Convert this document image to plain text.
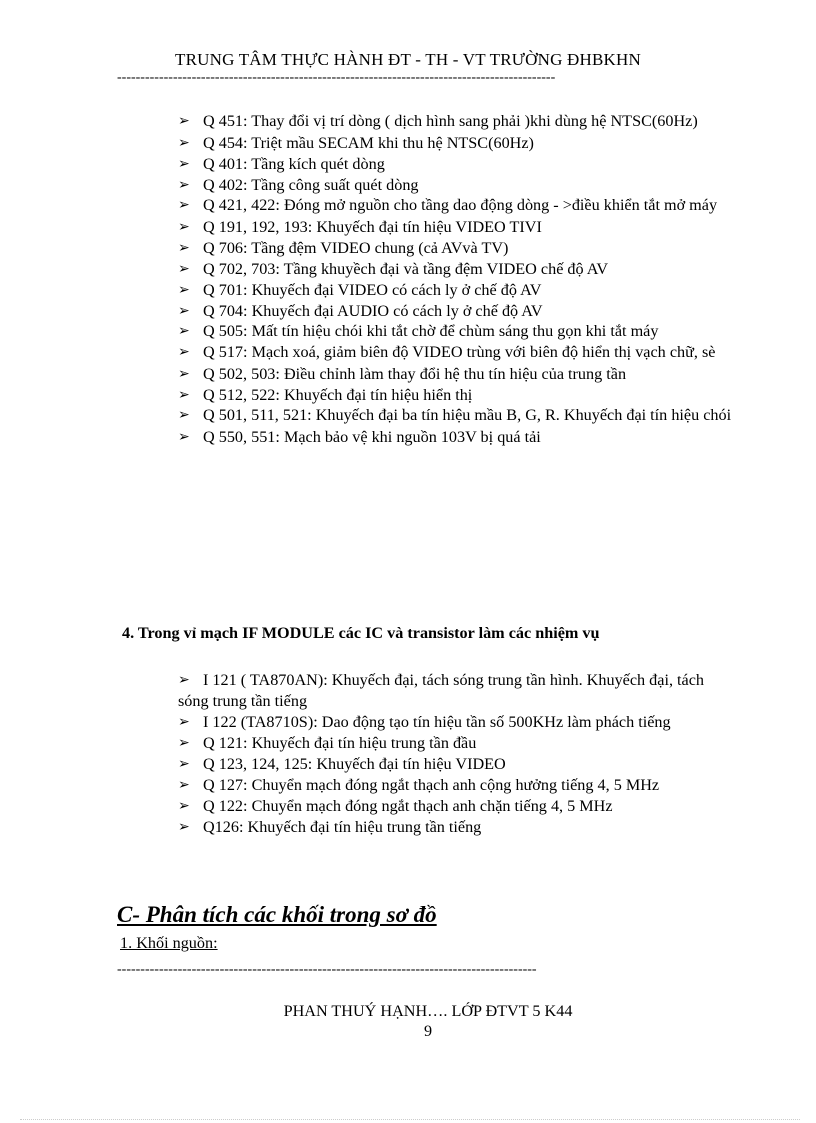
TRUNG TÂM THỰC HÀNH ĐT - TH - VT TRƯỜNG ĐHBKHN
----------------------------------------------------------------------------------------------
➢ Q 451: Thay đổi vị trí dòng ( dịch hình sang phải )khi dùng hệ NTSC(60Hz)
➢ Q 454: Triệt mầu SECAM khi thu hệ NTSC(60Hz)
➢ Q 401: Tầng kích quét dòng
➢ Q 402: Tầng công suất quét dòng
➢ Q 421, 422: Đóng mở nguồn cho tầng dao động dòng - >điều khiển tắt mở máy
➢ Q 191, 192, 193: Khuyếch đại tín hiệu VIDEO TIVI
➢ Q 706: Tầng đệm VIDEO chung (cả AVvà TV)
➢ Q 702, 703: Tầng khuyềch đại và tầng đệm VIDEO chế độ AV
➢ Q 701: Khuyếch đại VIDEO có cách ly ở chế độ AV
➢ Q 704: Khuyếch đại AUDIO có cách ly ở chế độ AV
➢ Q 505: Mất tín hiệu chói khi tắt chờ để chùm sáng thu gọn khi tắt máy
➢ Q 517: Mạch xoá, giảm biên độ VIDEO trùng với biên độ hiển thị vạch chữ, sè
➢ Q 502, 503: Điều chỉnh làm thay đổi hệ thu tín hiệu của trung tần
➢ Q 512, 522: Khuyếch đại tín hiệu hiển thị
➢ Q 501, 511, 521: Khuyếch đại ba tín hiệu mầu B, G, R. Khuyếch đại tín hiệu chói
➢ Q 550, 551: Mạch bảo vệ khi nguồn 103V bị quá tải
4. Trong vỉ mạch IF MODULE các IC và transistor làm các nhiệm vụ
➢ I 121 ( TA870AN): Khuyếch đại, tách sóng trung tần hình. Khuyếch đại, tách sóng trung tần tiếng
➢ I 122 (TA8710S): Dao động tạo tín hiệu tần số 500KHz làm phách tiếng
➢ Q 121: Khuyếch đại tín hiệu trung tần đầu
➢ Q 123, 124, 125: Khuyếch đại tín hiệu VIDEO
➢ Q 127: Chuyển mạch đóng ngắt thạch anh cộng hưởng tiếng 4, 5 MHz
➢ Q 122: Chuyển mạch đóng ngắt thạch anh chặn tiếng 4, 5 MHz
➢ Q126: Khuyếch đại tín hiệu trung tần tiếng
C- Phân tích các khối trong sơ đồ
1. Khối nguồn:
------------------------------------------------------------------------------------------
PHAN THUÝ HẠNH…. LỚP ĐTVT 5 K44
9
